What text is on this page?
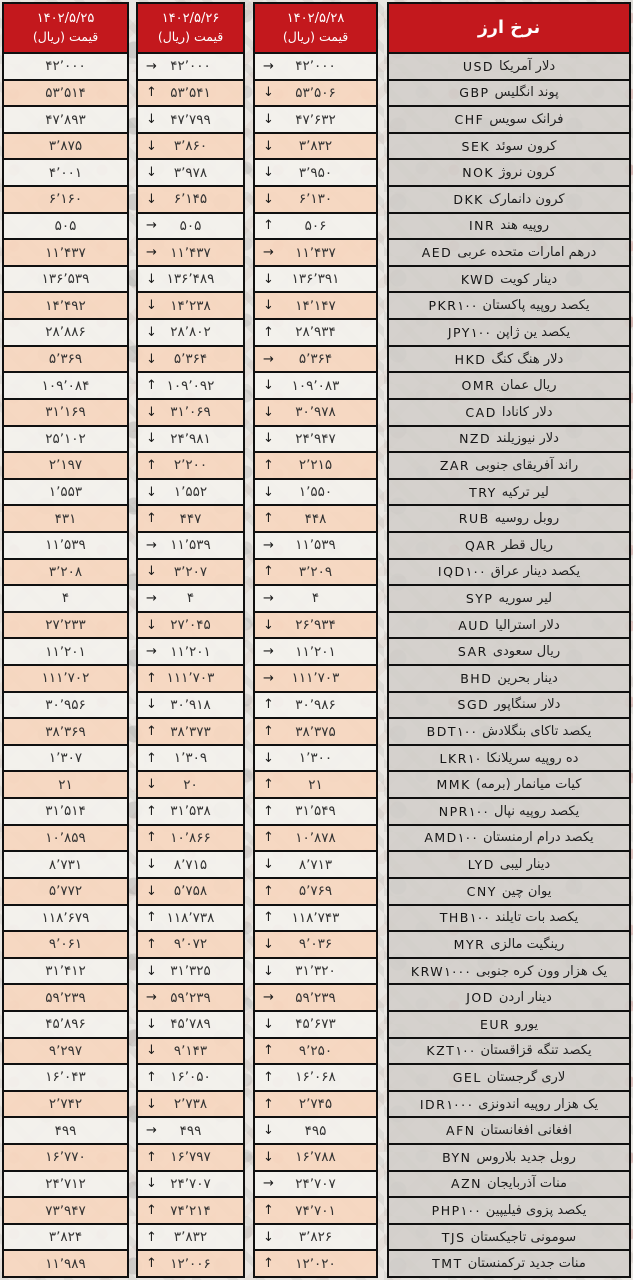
۱۴۰۲/۵/۲۵
قیمت (ریال)
۴۲٬۰۰۰
۵۳٬۵۱۴
۴۷٬۸۹۳
۳٬۸۷۵
۴٬۰۰۱
۶٬۱۶۰
۵۰۵
۱۱٬۴۳۷
۱۳۶٬۵۳۹
۱۴٬۴۹۲
۲۸٬۸۸۶
۵٬۳۶۹
۱۰۹٬۰۸۴
۳۱٬۱۶۹
۲۵٬۱۰۲
۲٬۱۹۷
۱٬۵۵۳
۴۳۱
۱۱٬۵۳۹
۳٬۲۰۸
۴
۲۷٬۲۳۳
۱۱٬۲۰۱
۱۱۱٬۷۰۲
۳۰٬۹۵۶
۳۸٬۳۶۹
۱٬۳۰۷
۲۱
۳۱٬۵۱۴
۱۰٬۸۵۹
۸٬۷۳۱
۵٬۷۷۲
۱۱۸٬۶۷۹
۹٬۰۶۱
۳۱٬۴۱۲
۵۹٬۲۳۹
۴۵٬۸۹۶
۹٬۲۹۷
۱۶٬۰۴۳
۲٬۷۴۲
۴۹۹
۱۶٬۷۷۰
۲۴٬۷۱۲
۷۳٬۹۴۷
۳٬۸۲۴
۱۱٬۹۸۹
۱۴۰۲/۵/۲۶
قیمت (ریال)
→ ۴۲٬۰۰۰
↑ ۵۳٬۵۴۱
↓ ۴۷٬۷۹۹
↓ ۳٬۸۶۰
↓ ۳٬۹۷۸
↓ ۶٬۱۴۵
→ ۵۰۵
→ ۱۱٬۴۳۷
↓ ۱۳۶٬۴۸۹
↓ ۱۴٬۲۳۸
↓ ۲۸٬۸۰۲
↓ ۵٬۳۶۴
↑ ۱۰۹٬۰۹۲
↓ ۳۱٬۰۶۹
↓ ۲۴٬۹۸۱
↑ ۲٬۲۰۰
↓ ۱٬۵۵۲
↑ ۴۴۷
→ ۱۱٬۵۳۹
↓ ۳٬۲۰۷
→ ۴
↓ ۲۷٬۰۴۵
→ ۱۱٬۲۰۱
↑ ۱۱۱٬۷۰۳
↓ ۳۰٬۹۱۸
↑ ۳۸٬۳۷۳
↑ ۱٬۳۰۹
↓ ۲۰
↑ ۳۱٬۵۳۸
↑ ۱۰٬۸۶۶
↓ ۸٬۷۱۵
↓ ۵٬۷۵۸
↑ ۱۱۸٬۷۳۸
↑ ۹٬۰۷۲
↓ ۳۱٬۳۲۵
→ ۵۹٬۲۳۹
↓ ۴۵٬۷۸۹
↓ ۹٬۱۴۳
↑ ۱۶٬۰۵۰
↓ ۲٬۷۳۸
→ ۴۹۹
↑ ۱۶٬۷۹۷
↓ ۲۴٬۷۰۷
↑ ۷۴٬۲۱۴
↑ ۳٬۸۳۲
↑ ۱۲٬۰۰۶
۱۴۰۲/۵/۲۸
قیمت (ریال)
→ ۴۲٬۰۰۰
↓ ۵۳٬۵۰۶
↓ ۴۷٬۶۳۲
↓ ۳٬۸۳۲
↓ ۳٬۹۵۰
↓ ۶٬۱۳۰
↑ ۵۰۶
→ ۱۱٬۴۳۷
↓ ۱۳۶٬۳۹۱
↓ ۱۴٬۱۴۷
↑ ۲۸٬۹۳۴
→ ۵٬۳۶۴
↓ ۱۰۹٬۰۸۳
↓ ۳۰٬۹۷۸
↓ ۲۴٬۹۴۷
↑ ۲٬۲۱۵
↓ ۱٬۵۵۰
↑ ۴۴۸
→ ۱۱٬۵۳۹
↑ ۳٬۲۰۹
→	۴
↓ ۲۶٬۹۳۴
→ ۱۱٬۲۰۱
→ ۱۱۱٬۷۰۳
↑ ۳۰٬۹۸۶
↑ ۳۸٬۳۷۵
↓ ۱٬۳۰۰
↑	۲۱
↑ ۳۱٬۵۴۹
↑ ۱۰٬۸۷۸
↓ ۸٬۷۱۳
↑ ۵٬۷۶۹
↑ ۱۱۸٬۷۴۳
↓ ۹٬۰۳۶
↓ ۳۱٬۳۲۰
→ ۵۹٬۲۳۹
↓ ۴۵٬۶۷۳
↑ ۹٬۲۵۰
↑ ۱۶٬۰۶۸
↑ ۲٬۷۴۵
↓ ۴۹۵
↓ ۱۶٬۷۸۸
→ ۲۴٬۷۰۷
↑ ۷۴٬۷۰۱
↓ ۳٬۸۲۶
↑ ۱۲٬۰۲۰
نرخ ارز
USD دلار آمریکا
GBP پوند انگلیس
CHF فرانک سویس
SEK کرون سوئد
NOK کرون نروژ
DKK کرون دانمارک
INR روپیه هند
AED درهم امارات متحده عربی
KWD دینار کویت
PKR۱۰۰ یکصد روپیه پاکستان
JPY۱۰۰ یکصد ین ژاپن
HKD دلار هنگ کنگ
OMR ریال عمان
CAD دلار کانادا
NZD دلار نیوزیلند
ZAR راند آفریقای جنوبی
TRY لیر ترکیه
RUB روبل روسیه
QAR ریال قطر
IQD۱۰۰ یکصد دینار عراق
SYP لیر سوریه
AUD دلار استرالیا
SAR ریال سعودی
BHD دینار بحرین
SGD دلار سنگاپور
BDT۱۰۰ یکصد تاکای بنگلادش
LKR۱۰ ده روپیه سریلانکا
MMK کیات میانمار (برمه)
NPR۱۰۰ یکصد روپیه نپال
AMD۱۰۰ یکصد درام ارمنستان
LYD دینار لیبی
CNY یوان چین
THB۱۰۰ یکصد بات تایلند
MYR رینگیت مالزی
KRW۱۰۰۰ یک هزار وون کره جنوبی
JOD دینار اردن
EUR یورو
KZT۱۰۰ یکصد تنگه قزاقستان
GEL لاری گرجستان
IDR۱۰۰۰ یک هزار روپیه اندونزی
AFN افغانی افغانستان
BYN روبل جدید بلاروس
AZN منات آذربایجان
PHP۱۰۰ یکصد پزوی فیلیپین
TJS سومونی تاجیکستان
TMT منات جدید ترکمنستان
